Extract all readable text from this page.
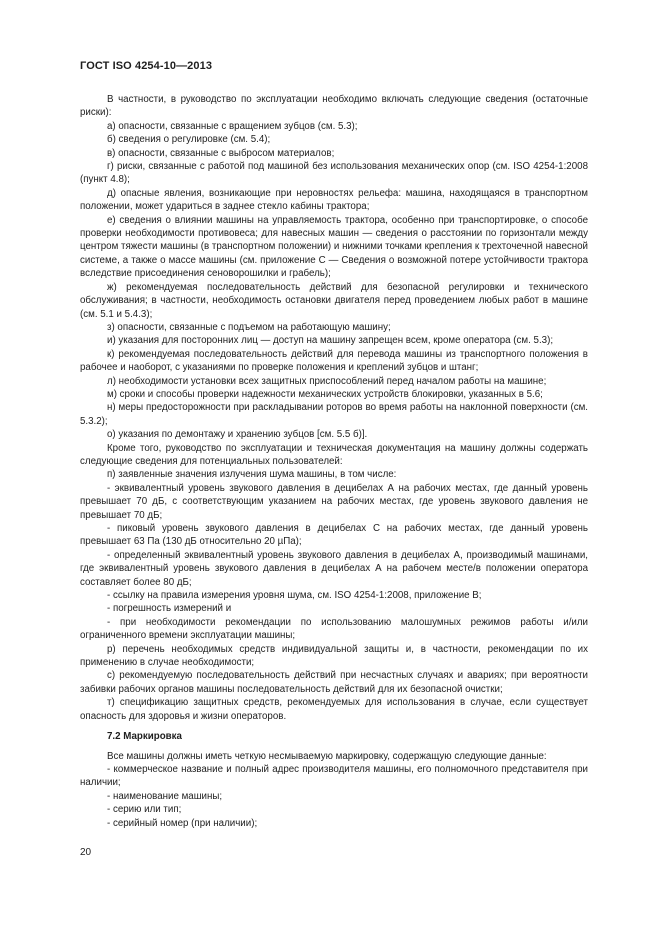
ГОСТ ISO 4254-10—2013
В частности, в руководство по эксплуатации необходимо включать следующие сведения (остаточные риски):
а) опасности, связанные с вращением зубцов (см. 5.3);
б) сведения о регулировке (см. 5.4);
в) опасности, связанные с выбросом материалов;
г) риски, связанные с работой под машиной без использования механических опор (см. ISO 4254-1:2008 (пункт 4.8);
д) опасные явления, возникающие при неровностях рельефа: машина, находящаяся в транспортном положении, может удариться в заднее стекло кабины трактора;
е) сведения о влиянии машины на управляемость трактора, особенно при транспортировке, о способе проверки необходимости противовеса; для навесных машин — сведения о расстоянии по горизонтали между центром тяжести машины (в транспортном положении) и нижними точками крепления к трехточечной навесной системе, а также о массе машины (см. приложение С — Сведения о возможной потере устойчивости трактора вследствие присоединения сеноворошилки и грабель);
ж) рекомендуемая последовательность действий для безопасной регулировки и технического обслуживания; в частности, необходимость остановки двигателя перед проведением любых работ в машине (см. 5.1 и 5.4.3);
з) опасности, связанные с подъемом на работающую машину;
и) указания для посторонних лиц — доступ на машину запрещен всем, кроме оператора (см. 5.3);
к) рекомендуемая последовательность действий для перевода машины из транспортного положения в рабочее и наоборот, с указаниями по проверке положения и креплений зубцов и штанг;
л) необходимости установки всех защитных приспособлений перед началом работы на машине;
м) сроки и способы проверки надежности механических устройств блокировки, указанных в 5.6;
н) меры предосторожности при раскладывании роторов во время работы на наклонной поверхности (см. 5.3.2);
о) указания по демонтажу и хранению зубцов [см. 5.5 б)].
Кроме того, руководство по эксплуатации и техническая документация на машину должны содержать следующие сведения для потенциальных пользователей:
п) заявленные значения излучения шума машины, в том числе:
- эквивалентный уровень звукового давления в децибелах А на рабочих местах, где данный уровень превышает 70 дБ, с соответствующим указанием на рабочих местах, где уровень звукового давления не превышает 70 дБ;
- пиковый уровень звукового давления в децибелах С на рабочих местах, где данный уровень превышает 63 Па (130 дБ относительно 20 µПа);
- определенный эквивалентный уровень звукового давления в децибелах А, производимый машинами, где эквивалентный уровень звукового давления в децибелах А на рабочем месте/в положении оператора составляет более 80 дБ;
- ссылку на правила измерения уровня шума, см. ISO 4254-1:2008, приложение В;
- погрешность измерений и
- при необходимости рекомендации по использованию малошумных режимов работы и/или ограниченного времени эксплуатации машины;
р) перечень необходимых средств индивидуальной защиты и, в частности, рекомендации по их применению в случае необходимости;
с) рекомендуемую последовательность действий при несчастных случаях и авариях; при вероятности забивки рабочих органов машины последовательность действий для их безопасной очистки;
т) спецификацию защитных средств, рекомендуемых для использования в случае, если существует опасность для здоровья и жизни операторов.
7.2 Маркировка
Все машины должны иметь четкую несмываемую маркировку, содержащую следующие данные:
- коммерческое название и полный адрес производителя машины, его полномочного представителя при наличии;
- наименование машины;
- серию или тип;
- серийный номер (при наличии);
20
